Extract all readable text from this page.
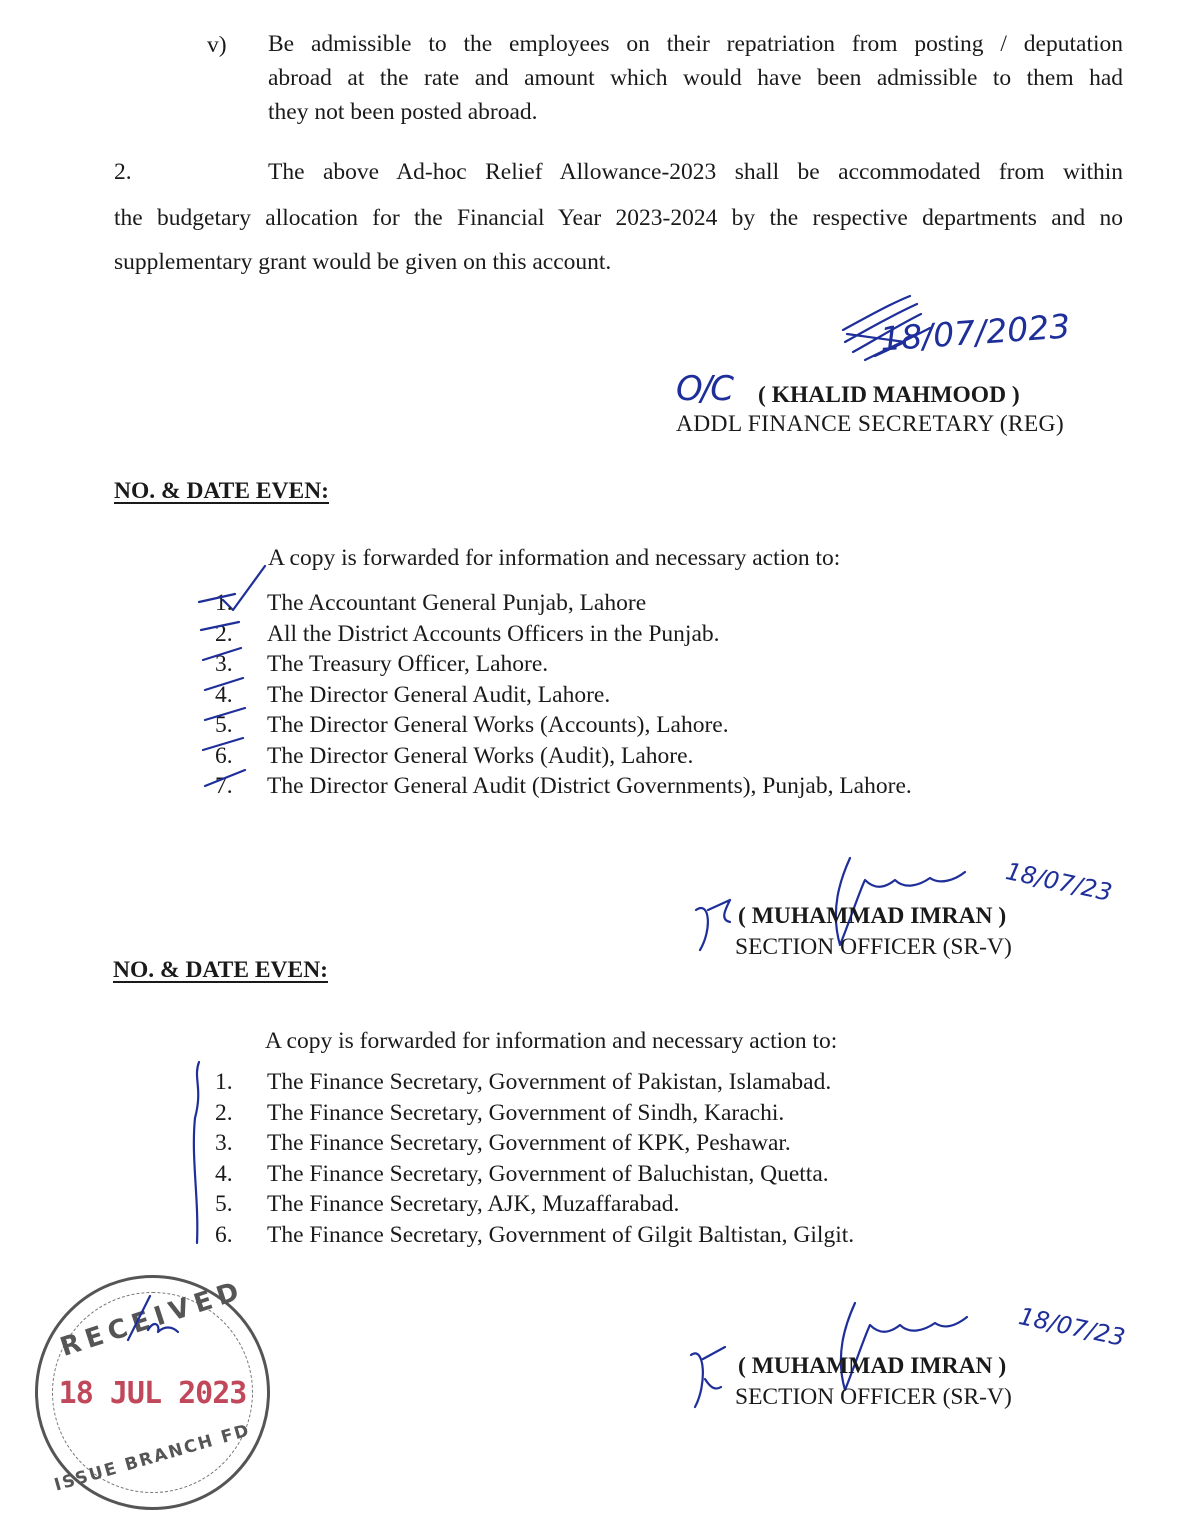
v) Be admissible to the employees on their repatriation from posting / deputation
abroad at the rate and amount which would have been admissible to them had
they not been posted abroad.
2.	The above Ad-hoc Relief Allowance-2023 shall be accommodated from within
the budgetary allocation for the Financial Year 2023-2024 by the respective departments and no
supplementary grant would be given on this account.
18/07/2023
O/C ( KHALID MAHMOOD )
ADDL FINANCE SECRETARY (REG)
NO. & DATE EVEN:
A copy is forwarded for information and necessary action to:
1.	The Accountant General Punjab, Lahore
2.	All the District Accounts Officers in the Punjab.
3.	The Treasury Officer, Lahore.
4.	The Director General Audit, Lahore.
5.	The Director General Works (Accounts), Lahore.
6.	The Director General Works (Audit), Lahore.
7.	The Director General Audit (District Governments), Punjab, Lahore.
18/07/23
( MUHAMMAD IMRAN )
SECTION OFFICER (SR-V)
NO. & DATE EVEN:
A copy is forwarded for information and necessary action to:
1.	The Finance Secretary, Government of Pakistan, Islamabad.
2.	The Finance Secretary, Government of Sindh, Karachi.
3.	The Finance Secretary, Government of KPK, Peshawar.
4.	The Finance Secretary, Government of Baluchistan, Quetta.
5.	The Finance Secretary, AJK, Muzaffarabad.
6.	The Finance Secretary, Government of Gilgit Baltistan, Gilgit.
RECEIVED
18 JUL 2023
ISSUE BRANCH FD
18/07/23
( MUHAMMAD IMRAN )
SECTION OFFICER (SR-V)
